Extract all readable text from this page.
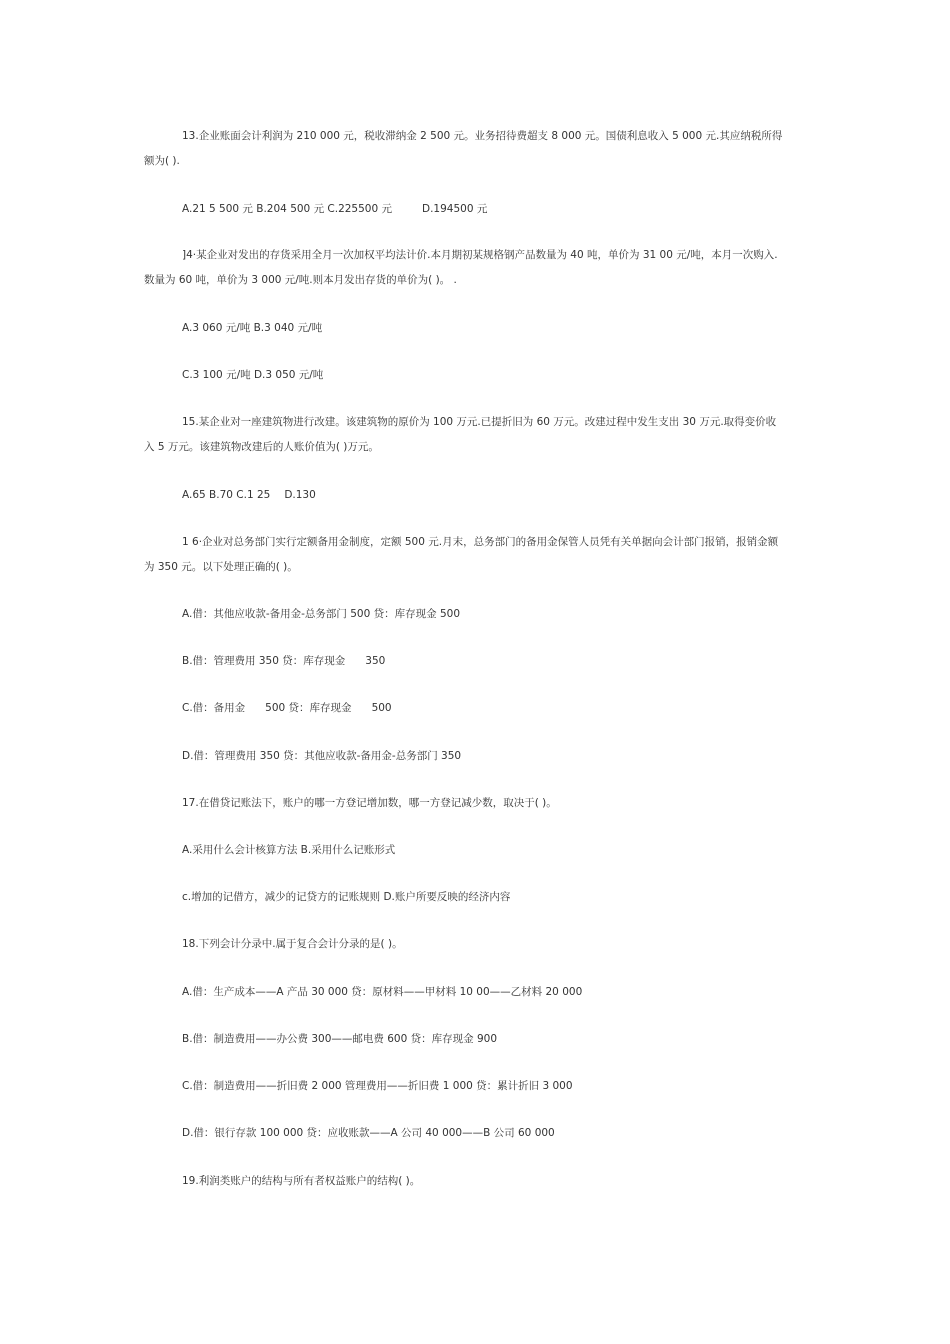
13.企业账面会计利润为 210 000 元，税收滞纳金 2 500 元。业务招待费超支 8 000 元。国债利息收入 5 000 元.其应纳税所得
额为( ).
A.21 5 500 元 B.204 500 元 C.225500 元	D.194500 元
]4·某企业对发出的存货采用全月一次加权平均法计价.本月期初某规格钢产品数量为 40 吨，单价为 31 00 元/吨，本月一次购入.
数量为 60 吨，单价为 3 000 元/吨.则本月发出存货的单价为( )。 .
A.3 060 元/吨 B.3 040 元/吨
C.3 100 元/吨 D.3 050 元/吨
15.某企业对一座建筑物进行改建。该建筑物的原价为 100 万元.已提折旧为 60 万元。改建过程中发生支出 30 万元.取得变价收
入 5 万元。该建筑物改建后的人账价值为( )万元。
A.65 B.70 C.1 25 D.130
1 6·企业对总务部门实行定额备用金制度，定额 500 元.月末，总务部门的备用金保管人员凭有关单据向会计部门报销，报销金额
为 350 元。以下处理正确的( )。
A.借：其他应收款-备用金-总务部门 500 贷：库存现金 500
B.借：管理费用 350 贷：库存现金 350
C.借：备用金 500 贷：库存现金 500
D.借：管理费用 350 贷：其他应收款-备用金-总务部门 350
17.在借贷记账法下，账户的哪一方登记增加数，哪一方登记减少数，取决于( )。
A.采用什么会计核算方法 B.采用什么记账形式
c.增加的记借方，减少的记贷方的记账规则 D.账户所要反映的经济内容
18.下列会计分录中.属于复合会计分录的是( )。
A.借：生产成本——A 产品 30 000 贷：原材料——甲材料 10 00——乙材料 20 000
B.借：制造费用——办公费 300——邮电费 600 贷：库存现金 900
C.借：制造费用——折旧费 2 000 管理费用——折旧费 1 000 贷：累计折旧 3 000
D.借：银行存款 100 000 贷：应收账款——A 公司 40 000——B 公司 60 000
19.利润类账户的结构与所有者权益账户的结构( )。
